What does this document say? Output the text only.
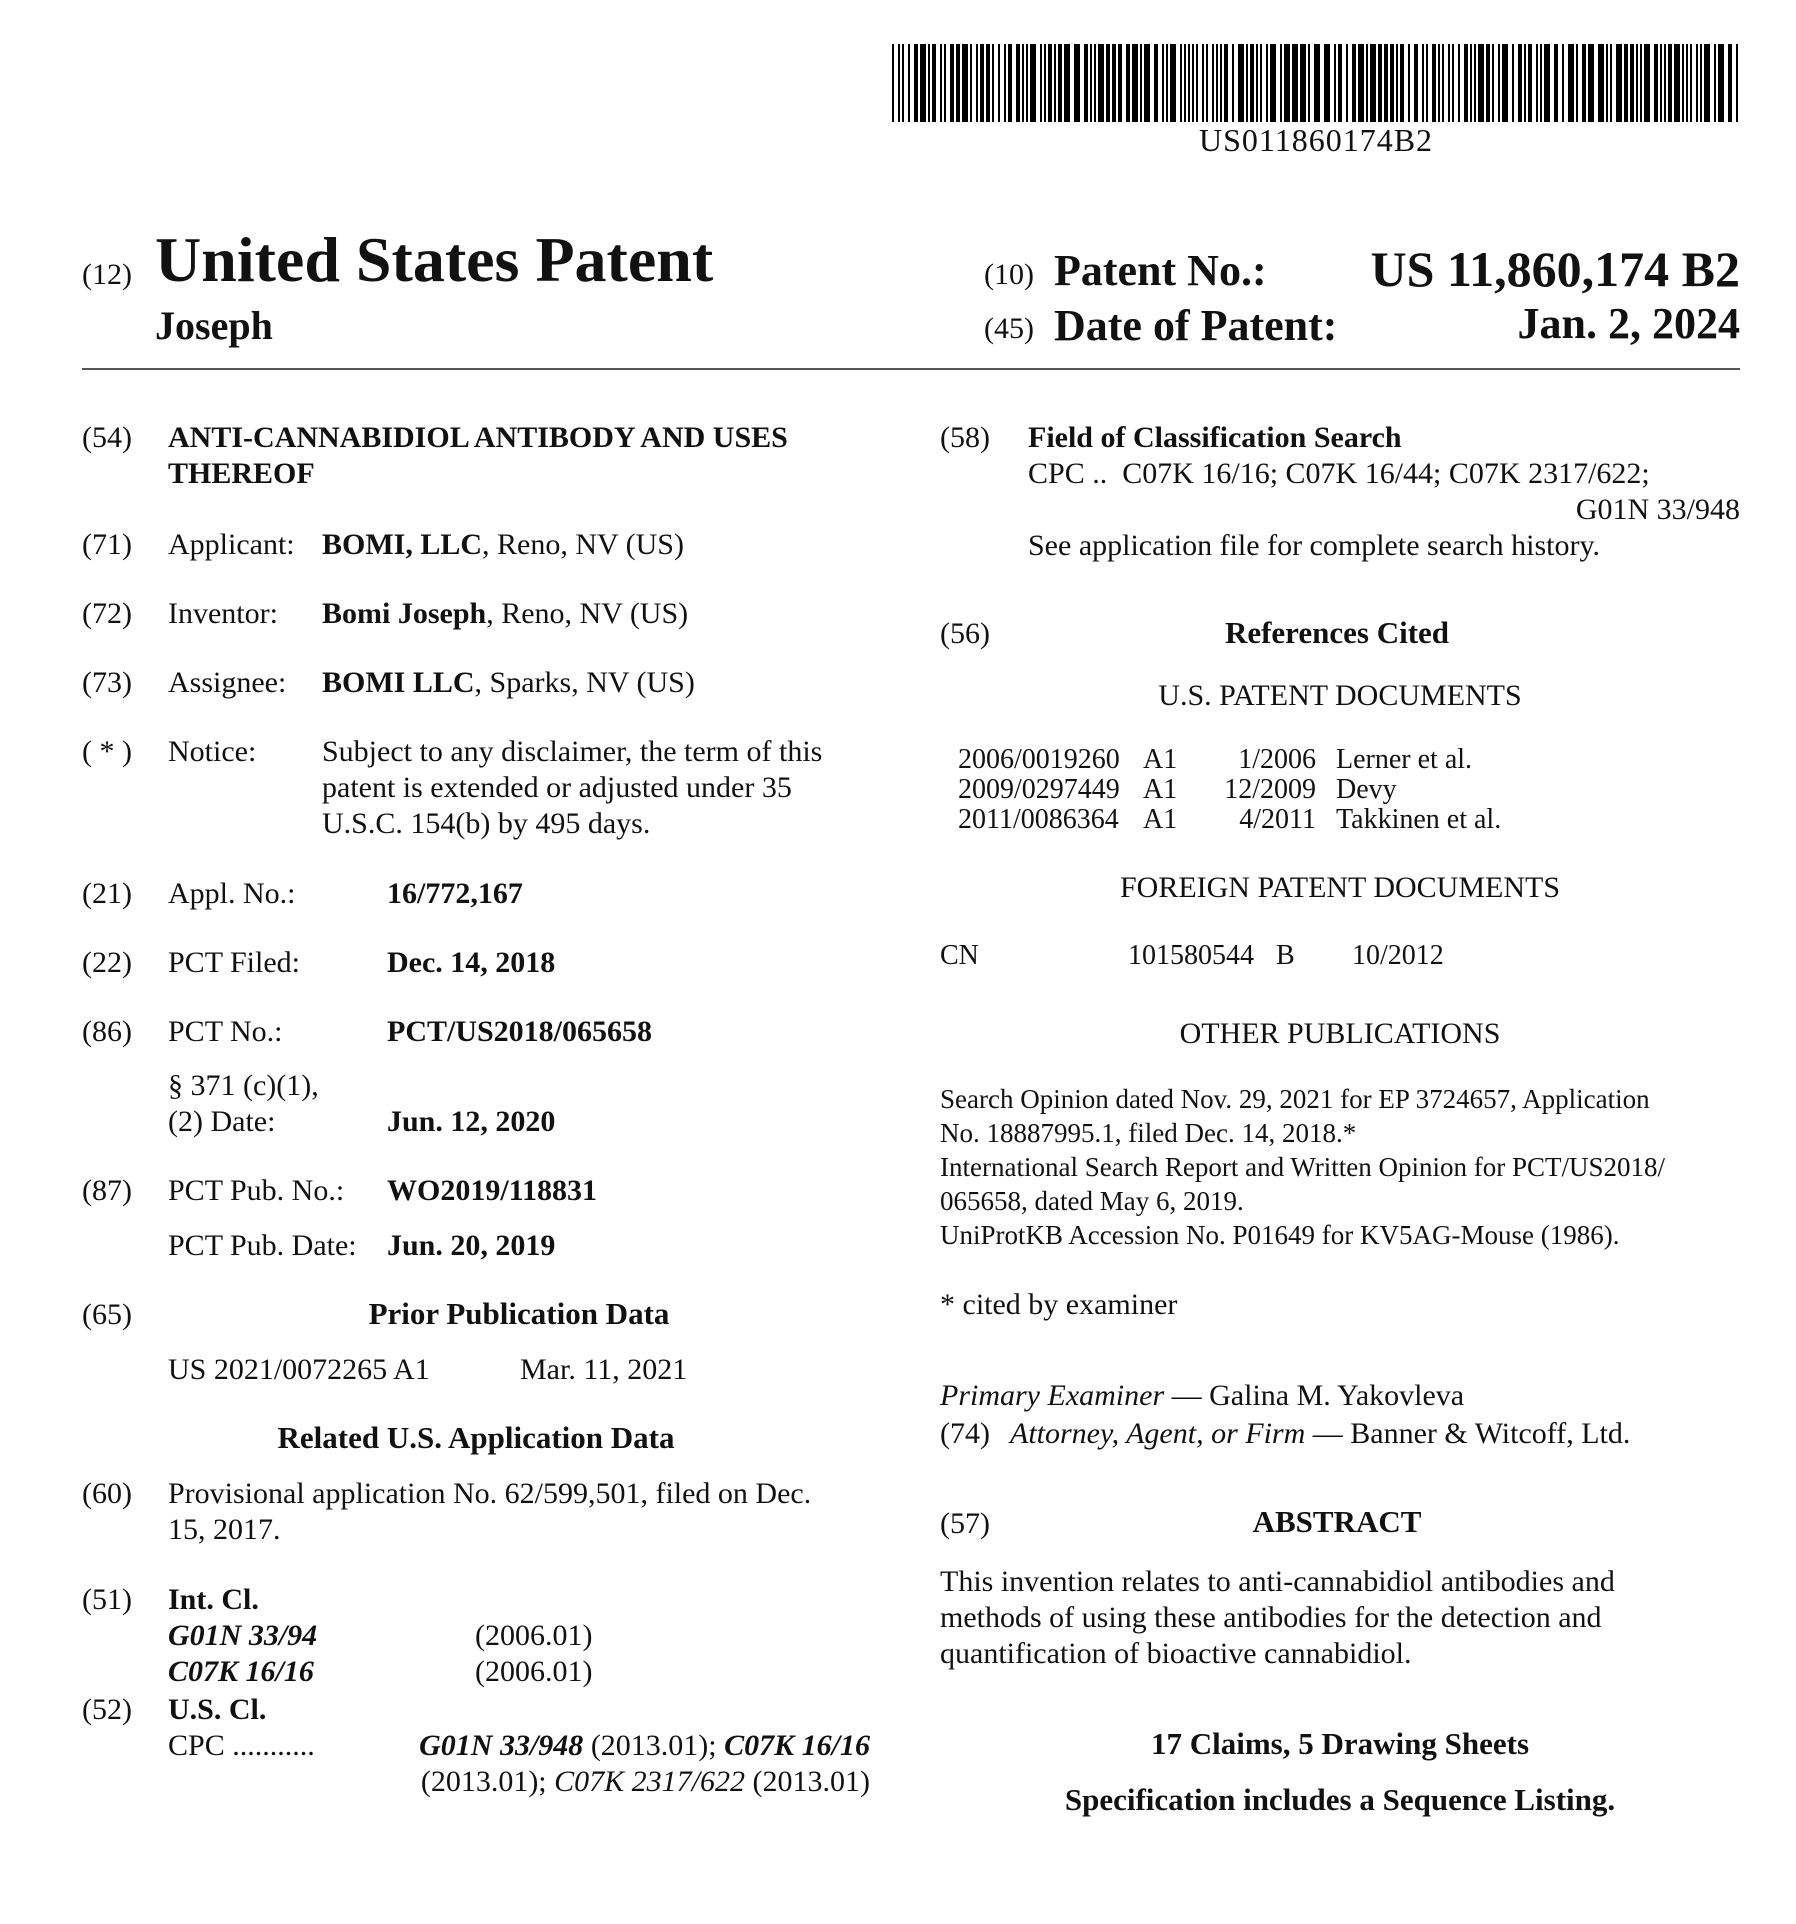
US011860174B2
(12) United States Patent
Joseph
(10) Patent No.: US 11,860,174 B2
(45) Date of Patent:	Jan. 2, 2024
(54) ANTI-CANNABIDIOL ANTIBODY AND USES
THEREOF
(71) Applicant: BOMI, LLC, Reno, NV (US)
(72) Inventor: Bomi Joseph, Reno, NV (US)
(73) Assignee: BOMI LLC, Sparks, NV (US)
( * ) Notice: Subject to any disclaimer, the term of this
patent is extended or adjusted under 35
U.S.C. 154(b) by 495 days.
(21) Appl. No.:	16/772,167
(22) PCT Filed:	Dec. 14, 2018
(86) PCT No.:	PCT/US2018/065658
§ 371 (c)(1),
(2) Date:	Jun. 12, 2020
(87) PCT Pub. No.: WO2019/118831
PCT Pub. Date: Jun. 20, 2019
(65)	Prior Publication Data
US 2021/0072265 A1	Mar. 11, 2021
Related U.S. Application Data
(60) Provisional application No. 62/599,501, filed on Dec.
15, 2017.
(51) Int. Cl.
G01N 33/94	(2006.01)
C07K 16/16	(2006.01)
(52) U.S. Cl.
CPC ...........	G01N 33/948 (2013.01); C07K 16/16
(2013.01); C07K 2317/622 (2013.01)
(58) Field of Classification Search
CPC ..  C07K 16/16; C07K 16/44; C07K 2317/622;
G01N 33/948
See application file for complete search history.
(56)	References Cited
U.S. PATENT DOCUMENTS
2006/0019260 A1	1/2006 Lerner et al.
2009/0297449 A1	12/2009 Devy
2011/0086364 A1	4/2011 Takkinen et al.
FOREIGN PATENT DOCUMENTS
CN	101580544 B 10/2012
OTHER PUBLICATIONS
Search Opinion dated Nov. 29, 2021 for EP 3724657, Application
No. 18887995.1, filed Dec. 14, 2018.*
International Search Report and Written Opinion for PCT/US2018/
065658, dated May 6, 2019.
UniProtKB Accession No. P01649 for KV5AG-Mouse (1986).
* cited by examiner
Primary Examiner — Galina M. Yakovleva
(74) Attorney, Agent, or Firm — Banner & Witcoff, Ltd.
(57)	ABSTRACT
This invention relates to anti-cannabidiol antibodies and
methods of using these antibodies for the detection and
quantification of bioactive cannabidiol.
17 Claims, 5 Drawing Sheets
Specification includes a Sequence Listing.
